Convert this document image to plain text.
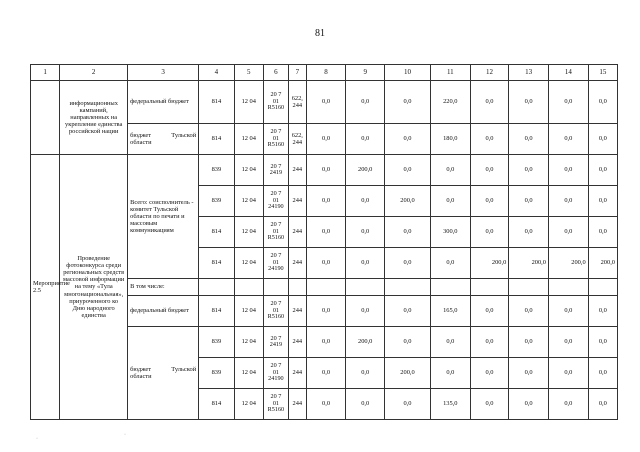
81
1	2	3	4	5	6	7	8	9	10	11	12	13	14	15
	информационных кампаний, направленных на укрепление единства российской нации	федеральный бюджет	814	12 04	20 7
01
R5160	622, 244	0,0	0,0	0,0	220,0	0,0	0,0	0,0	0,0
		бюджет Тульской области	814	12 04	20 7
01
R5160	622, 244	0,0	0,0	0,0	180,0	0,0	0,0	0,0	0,0
Мероприятие 2.5	Проведение фотоконкурса среди региональных средств массовой информации на тему «Тула многонациональная», приуроченного ко Дню народного единства	Всего: соисполнитель - комитет Тульской области по печати и массовым коммуникациям	839	12 04	20 7
2419	244	0,0	200,0	0,0	0,0	0,0	0,0	0,0	0,0
			839	12 04	20 7
01
24190	244	0,0	0,0	200,0	0,0	0,0	0,0	0,0	0,0
			814	12 04	20 7
01
R5160	244	0,0	0,0	0,0	300,0	0,0	0,0	0,0	0,0
			814	12 04	20 7
01
24190	244	0,0	0,0	0,0	0,0	200,0	200,0	200,0	200,0
		В том числе:												
		федеральный бюджет	814	12 04	20 7
01
R5160	244	0,0	0,0	0,0	165,0	0,0	0,0	0,0	0,0
		бюджет Тульской области	839	12 04	20 7
2419	244	0,0	200,0	0,0	0,0	0,0	0,0	0,0	0,0
			839	12 04	20 7
01
24190	244	0,0	0,0	200,0	0,0	0,0	0,0	0,0	0,0
			814	12 04	20 7
01
R5160	244	0,0	0,0	0,0	135,0	0,0	0,0	0,0	0,0
·
·
